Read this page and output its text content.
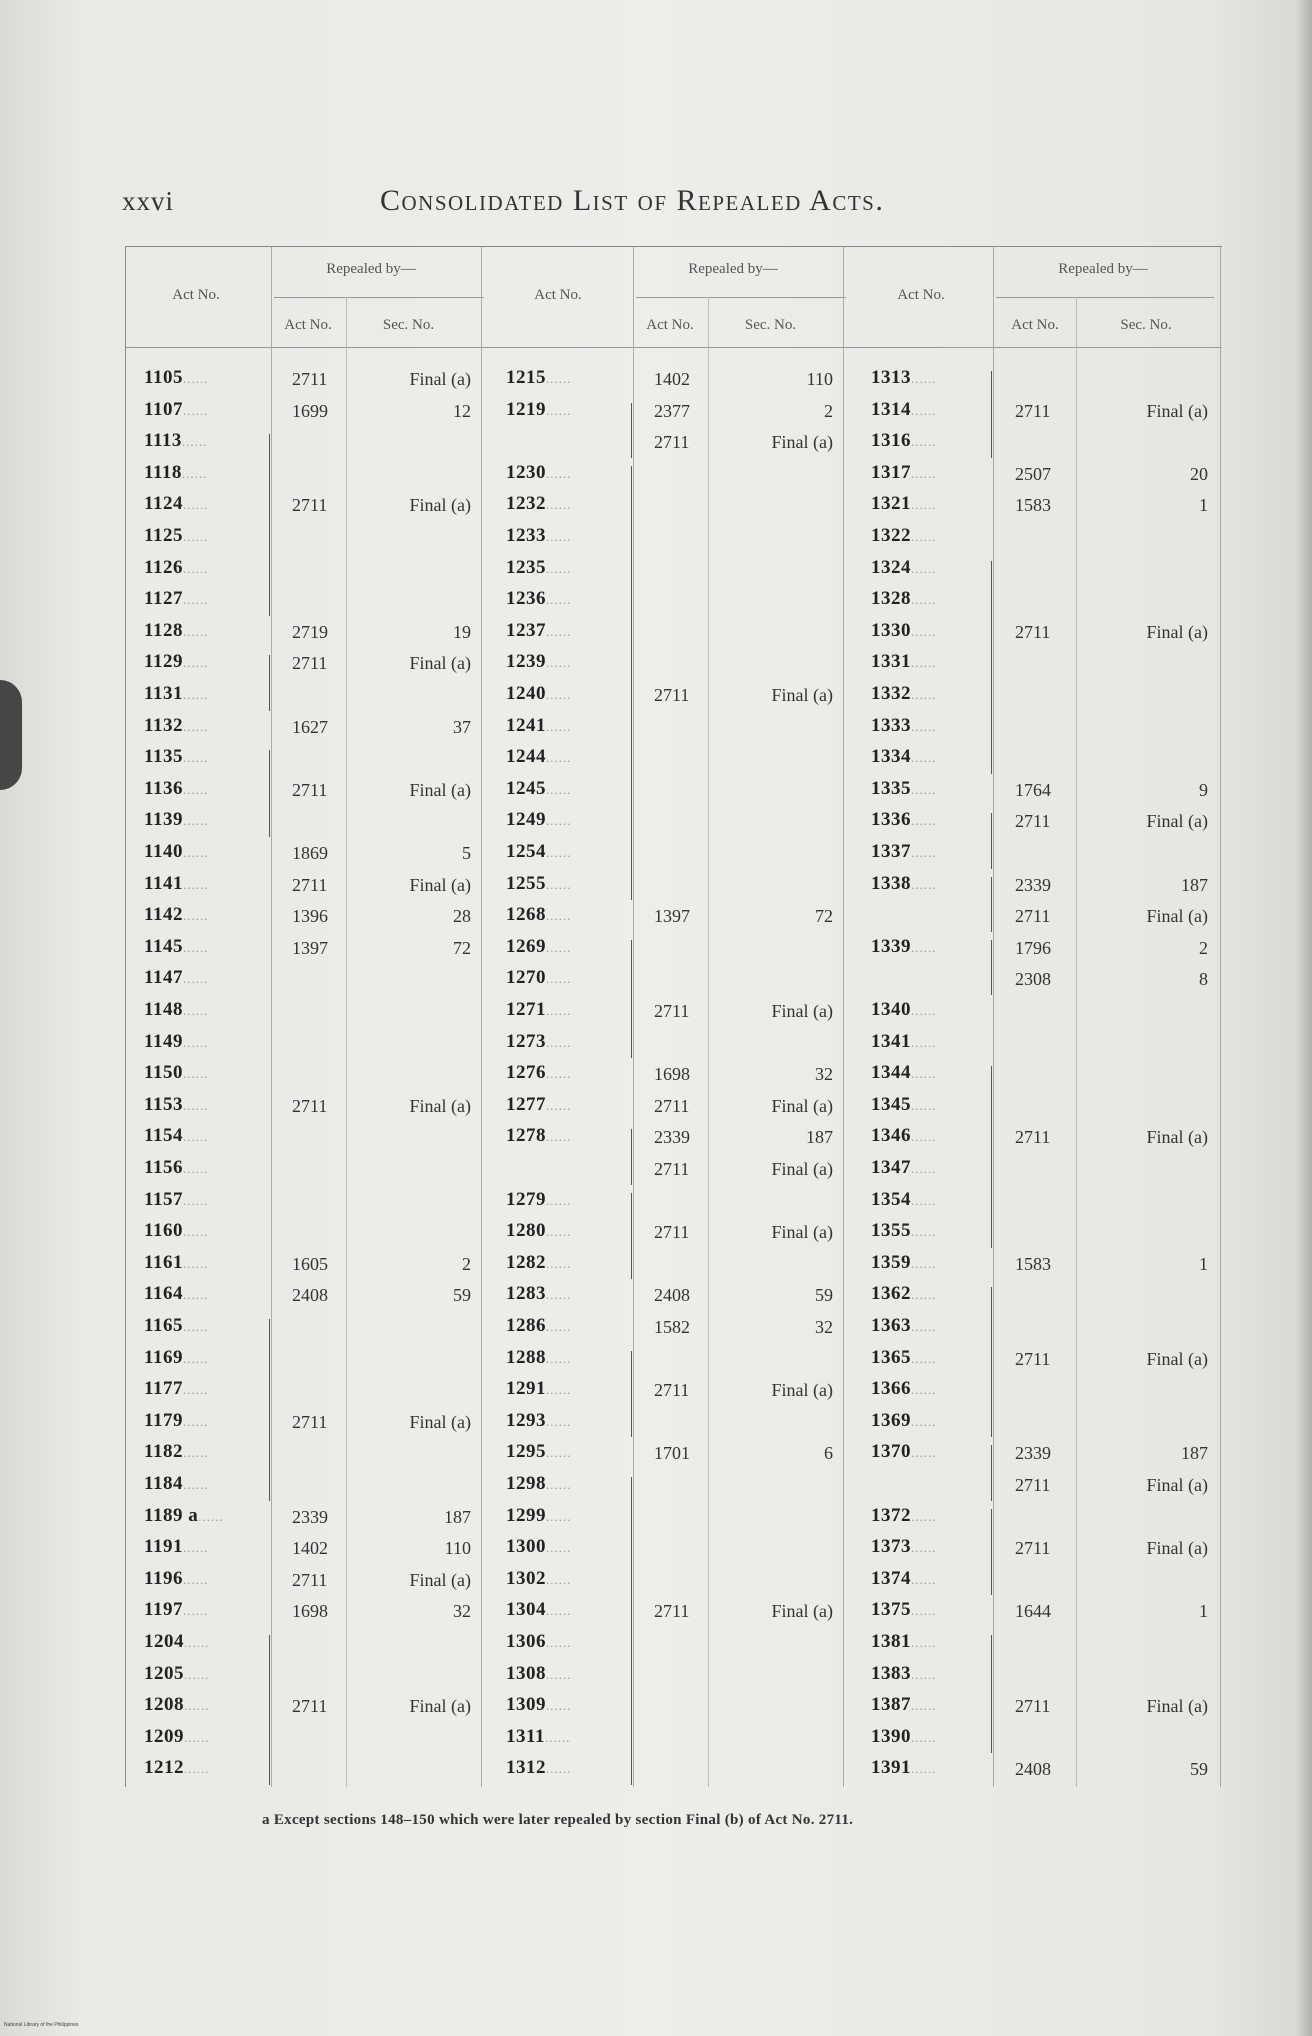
xxvi	Consolidated List of Repealed Acts.
Act No.
Repealed by—
Act No.	Sec. No.
Act No.
Repealed by—
Act No.	Sec. No.
Act No.
Repealed by—
Act No.	Sec. No.
1105......	2711	Final (a)
1107......	1699	12
1113......
1118......
1124......	2711	Final (a)
1125......
1126......
1127......
1128......	2719	19
1129......	2711	Final (a)
1131......
1132......	1627	37
1135......
1136......	2711	Final (a)
1139......
1140......	1869	5
1141......	2711	Final (a)
1142......	1396	28
1145......	1397	72
1147......
1148......
1149......
1150......
1153......	2711	Final (a)
1154......
1156......
1157......
1160......
1161......	1605	2
1164......	2408	59
1165......
1169......
1177......
1179......	2711	Final (a)
1182......
1184......
1189 a......	2339	187
1191......	1402	110
1196......	2711	Final (a)
1197......	1698	32
1204......
1205......
1208......	2711	Final (a)
1209......
1212......
1215......	1402	110
1219......	2377	2
2711	Final (a)
1230......
1232......
1233......
1235......
1236......
1237......
1239......
1240......	2711	Final (a)
1241......
1244......
1245......
1249......
1254......
1255......
1268......	1397	72
1269......
1270......
1271......	2711	Final (a)
1273......
1276......	1698	32
1277......	2711	Final (a)
1278......	2339	187
2711	Final (a)
1279......
1280......	2711	Final (a)
1282......
1283......	2408	59
1286......	1582	32
1288......
1291......	2711	Final (a)
1293......
1295......	1701	6
1298......
1299......
1300......
1302......
1304......	2711	Final (a)
1306......
1308......
1309......
1311......
1312......
1313......
1314......	2711	Final (a)
1316......
1317......	2507	20
1321......	1583	1
1322......
1324......
1328......
1330......	2711	Final (a)
1331......
1332......
1333......
1334......
1335......	1764	9
1336......	2711	Final (a)
1337......
1338......	2339	187
2711	Final (a)
1339......	1796	2
2308	8
1340......
1341......
1344......
1345......
1346......	2711	Final (a)
1347......
1354......
1355......
1359......	1583	1
1362......
1363......
1365......	2711	Final (a)
1366......
1369......
1370......	2339	187
2711	Final (a)
1372......
1373......	2711	Final (a)
1374......
1375......	1644	1
1381......
1383......
1387......	2711	Final (a)
1390......
1391......	2408	59
a Except sections 148–150 which were later repealed by section Final (b) of Act No. 2711.
National Library of the Philippines
